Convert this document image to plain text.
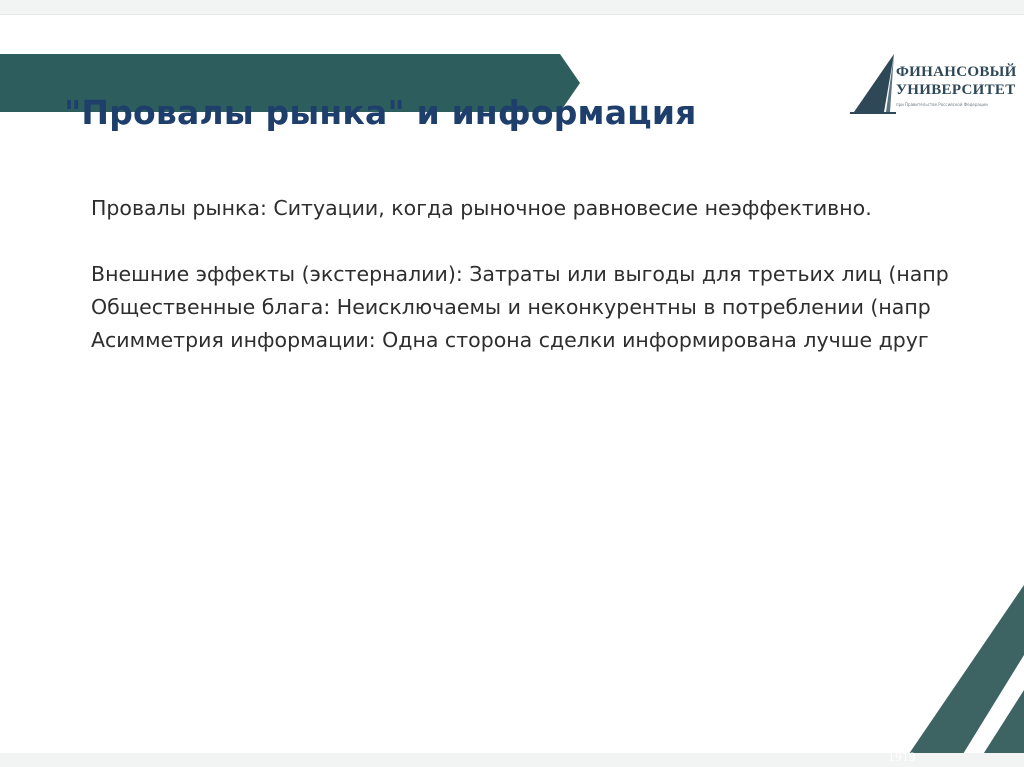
"Провалы рынка" и информация
Провалы рынка: Ситуации, когда рыночное равновесие неэффективно.
Внешние эффекты (экстерналии): Затраты или выгоды для третьих лиц (напр
Общественные блага: Неисключаемы и неконкурентны в потреблении (напр
Асимметрия информации: Одна сторона сделки информирована лучше друг
ФИНАНСОВЫЙ
УНИВЕРСИТЕТ
при Правительстве Российской Федерации
1919
